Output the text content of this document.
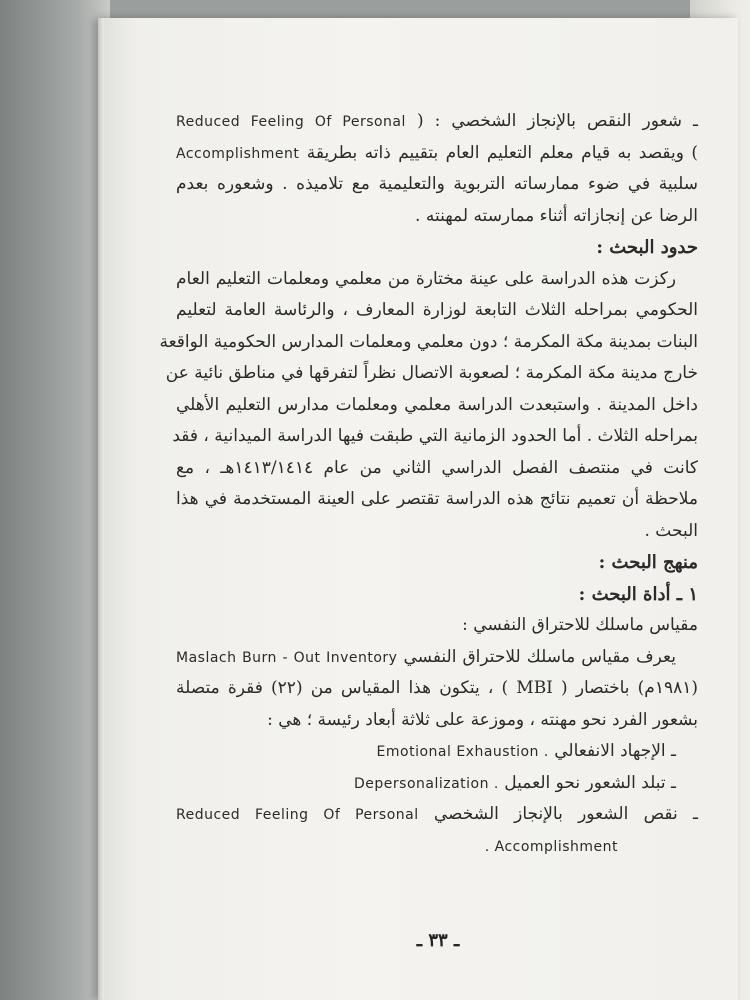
ـ شعور النقص بالإنجاز الشخصي : ( Reduced Feeling Of Personal
) ويقصد به قيام معلم التعليم العام بتقييم ذاته بطريقة Accomplishment
سلبية في ضوء ممارساته التربوية والتعليمية مع تلاميذه . وشعوره بعدم
الرضا عن إنجازاته أثناء ممارسته لمهنته .
حدود البحث :
ركزت هذه الدراسة على عينة مختارة من معلمي ومعلمات التعليم العام
الحكومي بمراحله الثلاث التابعة لوزارة المعارف ، والرئاسة العامة لتعليم
البنات بمدينة مكة المكرمة ؛ دون معلمي ومعلمات المدارس الحكومية الواقعة
خارج مدينة مكة المكرمة ؛ لصعوبة الاتصال نظراً لتفرقها في مناطق نائية عن
داخل المدينة . واستبعدت الدراسة معلمي ومعلمات مدارس التعليم الأهلي
بمراحله الثلاث . أما الحدود الزمانية التي طبقت فيها الدراسة الميدانية ، فقد
كانت في منتصف الفصل الدراسي الثاني من عام ١٤١٣/١٤١٤هـ ، مع
ملاحظة أن تعميم نتائج هذه الدراسة تقتصر على العينة المستخدمة في هذا
البحث .
منهج البحث :
١ ـ أداة البحث :
مقياس ماسلك للاحتراق النفسي :
يعرف مقياس ماسلك للاحتراق النفسي Maslach Burn - Out Inventory
(١٩٨١م) باختصار ( MBI ) ، يتكون هذا المقياس من (٢٢) فقرة متصلة
بشعور الفرد نحو مهنته ، وموزعة على ثلاثة أبعاد رئيسة ؛ هي :
ـ الإجهاد الانفعالي Emotional Exhaustion .
ـ تبلد الشعور نحو العميل Depersonalization .
ـ نقص الشعور بالإنجاز الشخصي Reduced Feeling Of Personal
. Accomplishment
ـ ٣٣ ـ
